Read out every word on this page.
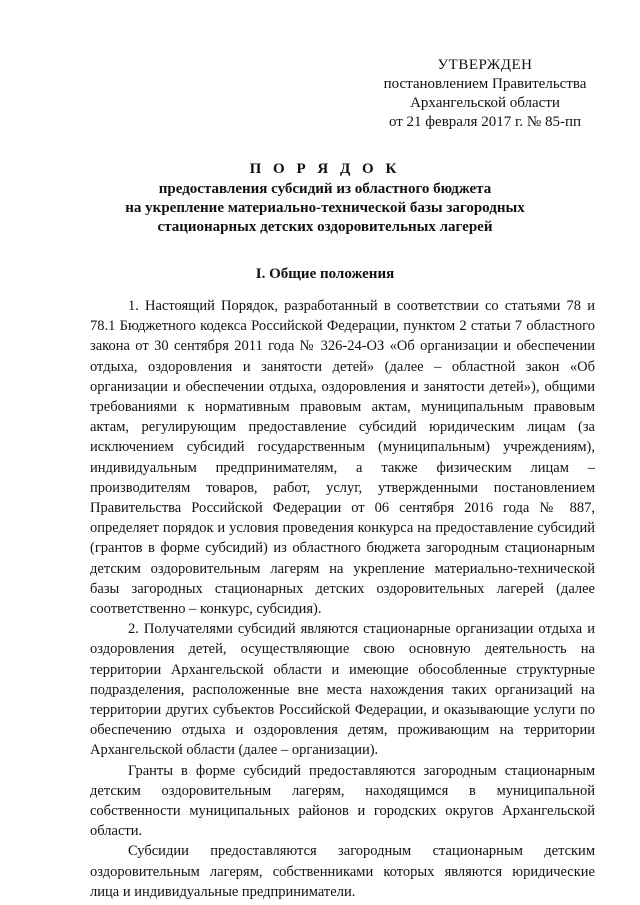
УТВЕРЖДЕН
постановлением Правительства
Архангельской области
от 21 февраля 2017 г. № 85-пп
П О Р Я Д О К
предоставления субсидий из областного бюджета
на укрепление материально-технической базы загородных
стационарных детских оздоровительных лагерей
I. Общие положения

1. Настоящий Порядок, разработанный в соответствии со статьями 78 и 78.1 Бюджетного кодекса Российской Федерации, пунктом 2 статьи 7 областного закона от 30 сентября 2011 года № 326-24-ОЗ «Об организации и обеспечении отдыха, оздоровления и занятости детей» (далее – областной закон «Об организации и обеспечении отдыха, оздоровления и занятости детей»), общими требованиями к нормативным правовым актам, муниципальным правовым актам, регулирующим предоставление субсидий юридическим лицам (за исключением субсидий государственным (муниципальным) учреждениям), индивидуальным предпринимателям, а также физическим лицам – производителям товаров, работ, услуг, утвержденными постановлением Правительства Российской Федерации от 06 сентября 2016 года № 887, определяет порядок и условия проведения конкурса на предоставление субсидий (грантов в форме субсидий) из областного бюджета загородным стационарным детским оздоровительным лагерям на укрепление материально-технической базы загородных стационарных детских оздоровительных лагерей (далее соответственно – конкурс, субсидия).

2. Получателями субсидий являются стационарные организации отдыха и оздоровления детей, осуществляющие свою основную деятельность на территории Архангельской области и имеющие обособленные структурные подразделения, расположенные вне места нахождения таких организаций на территории других субъектов Российской Федерации, и оказывающие услуги по обеспечению отдыха и оздоровления детям, проживающим на территории Архангельской области (далее – организации).

Гранты в форме субсидий предоставляются загородным стационарным детским оздоровительным лагерям, находящимся в муниципальной собственности муниципальных районов и городских округов Архангельской области.

Субсидии предоставляются загородным стационарным детским оздоровительным лагерям, собственниками которых являются юридические лица и индивидуальные предприниматели.
